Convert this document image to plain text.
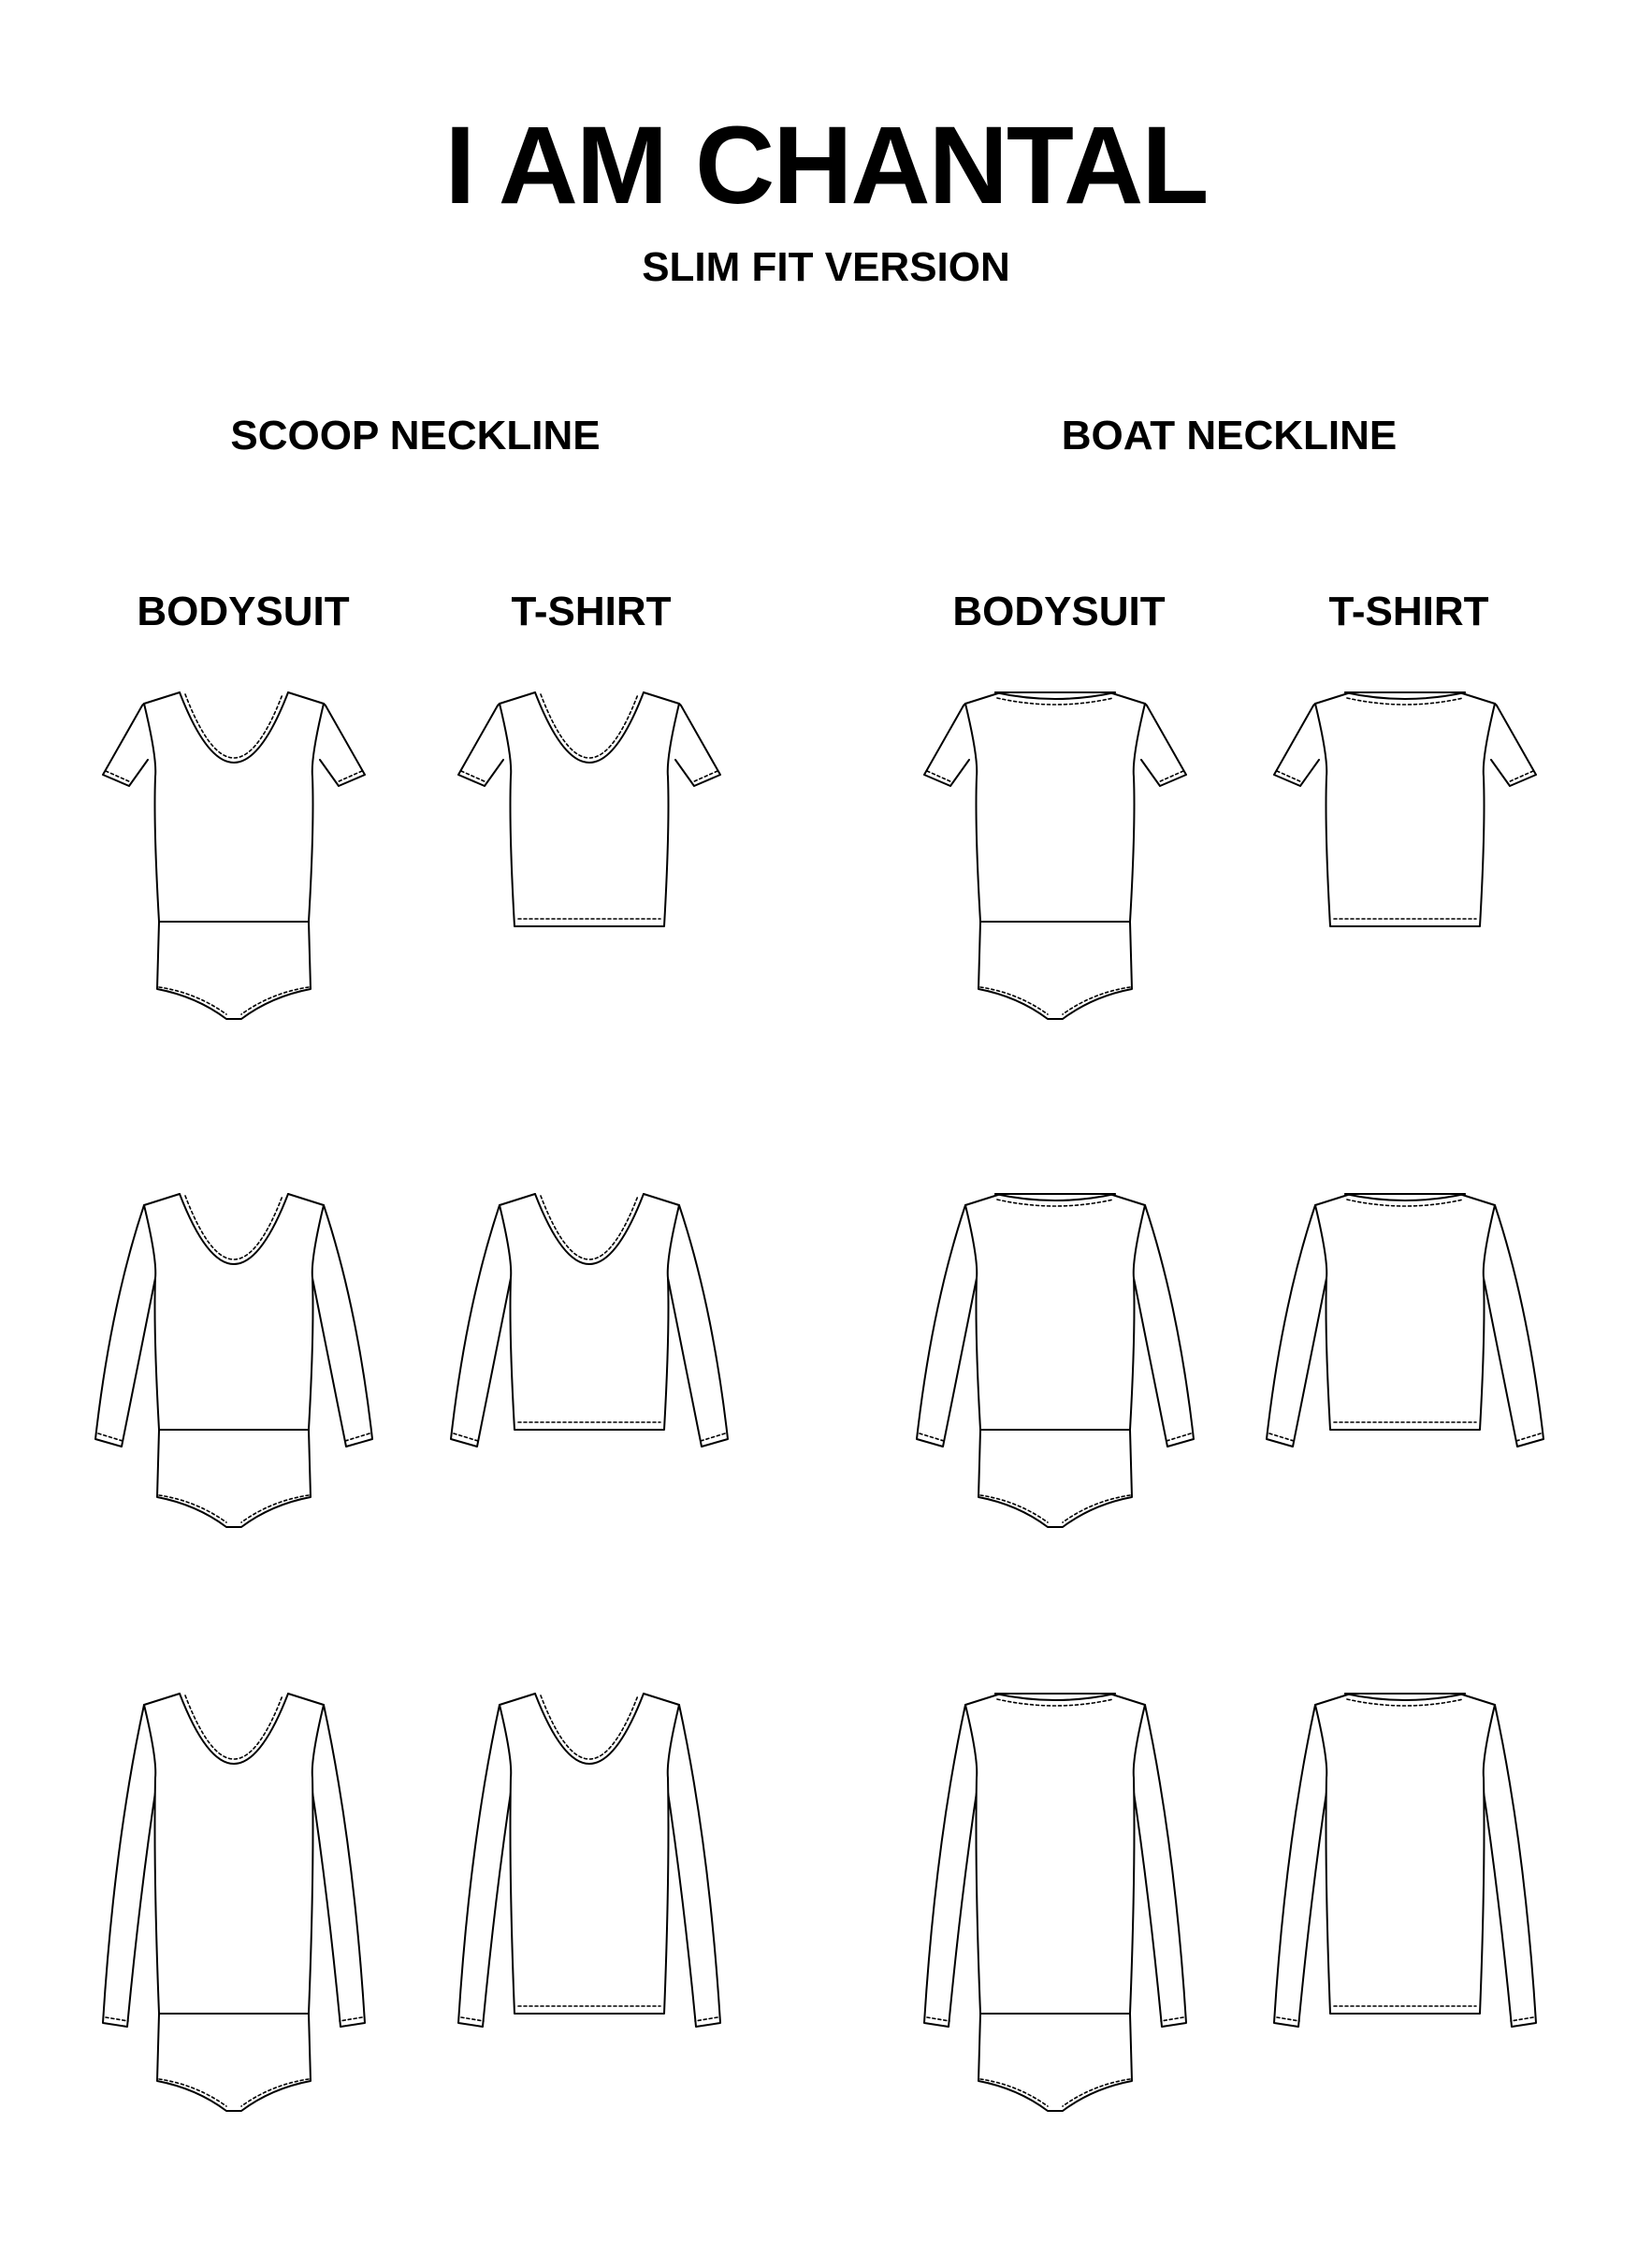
I AM CHANTAL
SLIM FIT VERSION
SCOOP NECKLINE	BOAT NECKLINE
BODYSUIT	T-SHIRT	BODYSUIT	T-SHIRT
